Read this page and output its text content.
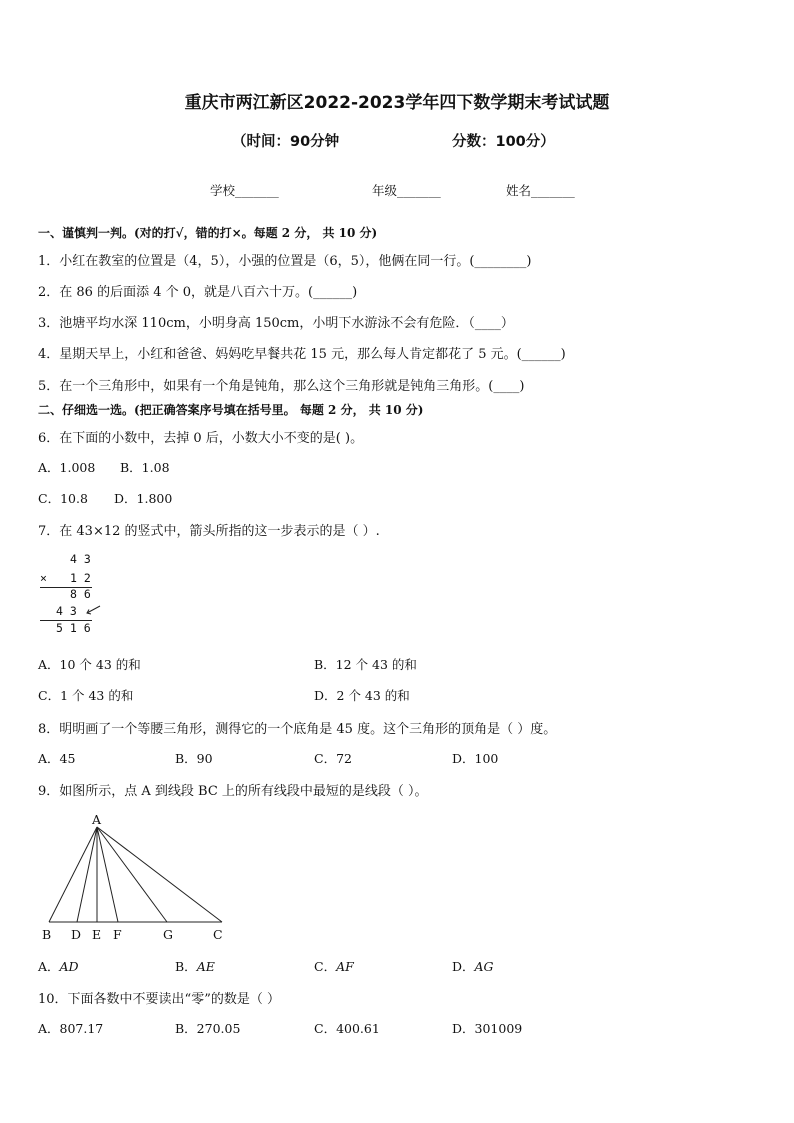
重庆市两江新区2022-2023学年四下数学期末考试试题
（时间：90分钟	分数：100分）
学校_______	年级_______	姓名_______
一、谨慎判一判。(对的打√，错的打×。每题 2 分， 共 10 分)
1．小红在教室的位置是（4，5），小强的位置是（6，5），他俩在同一行。(________)
2．在 86 的后面添 4 个 0，就是八百六十万。(______)
3．池塘平均水深 110cm，小明身高 150cm，小明下水游泳不会有危险．（____）
4．星期天早上，小红和爸爸、妈妈吃早餐共花 15 元，那么每人肯定都花了 5 元。(______)
5．在一个三角形中，如果有一个角是钝角，那么这个三角形就是钝角三角形。(____)
二、仔细选一选。(把正确答案序号填在括号里。 每题 2 分， 共 10 分)
6．在下面的小数中，去掉 0 后，小数大小不变的是( )。
A．1.008 B．1.08
C．10.8 D．1.800
7．在 43×12 的竖式中，箭头所指的这一步表示的是（ ）.
4 3
× 1 2
8 6
4 3
5 1 6
A．10 个 43 的和	B．12 个 43 的和
C．1 个 43 的和	D．2 个 43 的和
8．明明画了一个等腰三角形，测得它的一个底角是 45 度。这个三角形的顶角是（ ）度。
A．45	B．90	C．72	D．100
9．如图所示，点 A 到线段 BC 上的所有线段中最短的是线段（ ）。
A
B D E F	G	C
A．AD	B．AE	C．AF	D．AG
10．下面各数中不要读出“零”的数是（ ）
A．807.17	B．270.05	C．400.61	D．301009
